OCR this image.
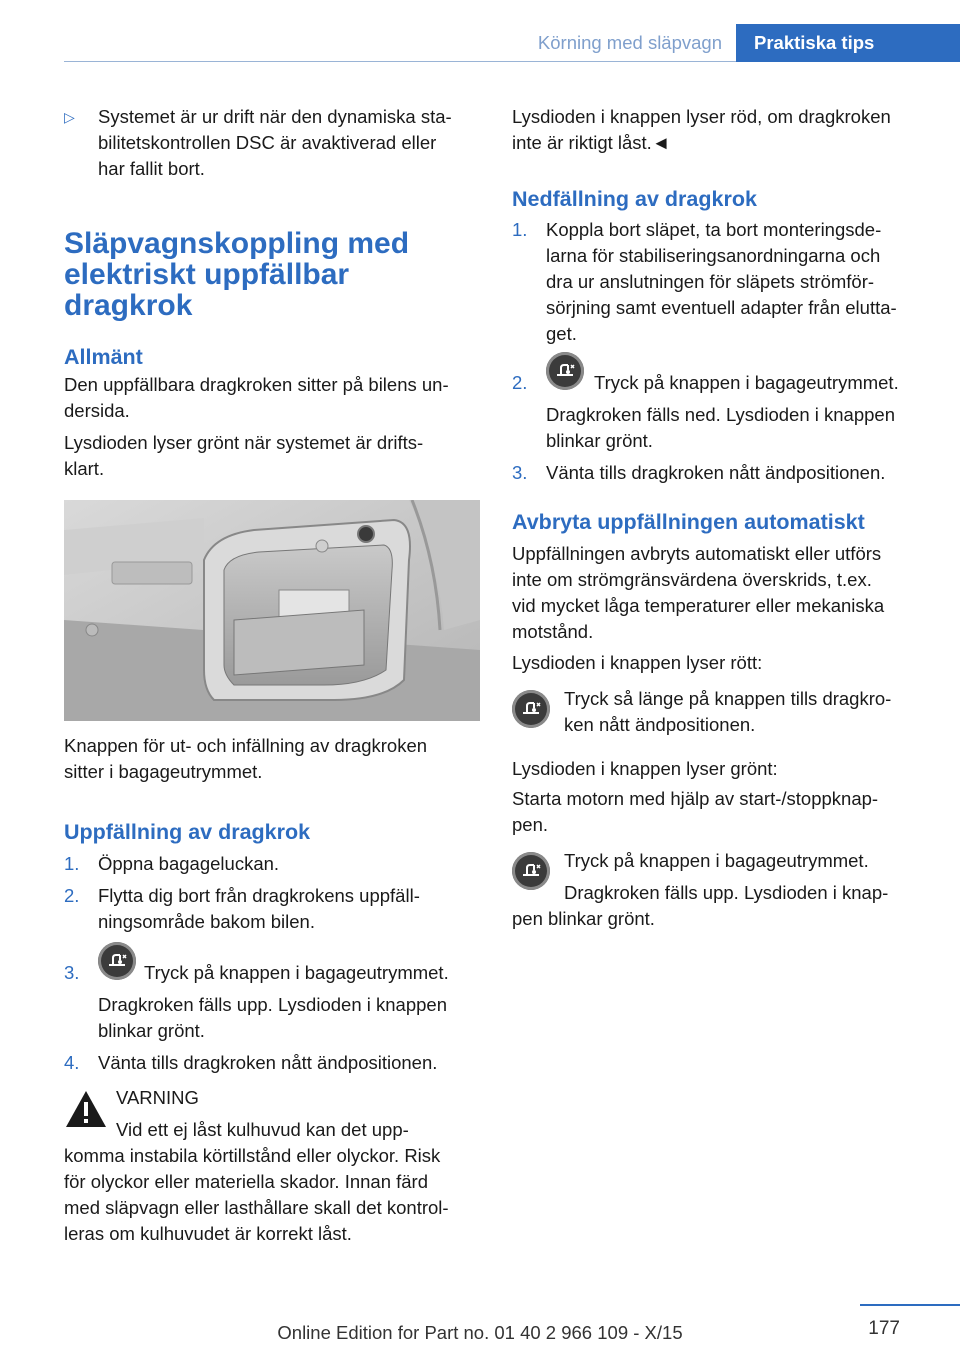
Körning med släpvagn	Praktiska tips
▷ Systemet är ur drift när den dynamiska sta-
bilitetskontrollen DSC är avaktiverad eller
har fallit bort.
Släpvagnskoppling med
elektriskt uppfällbar
dragkrok
Allmänt
Den uppfällbara dragkroken sitter på bilens un-
dersida.
Lysdioden lyser grönt när systemet är drifts-
klart.
Knappen för ut- och infällning av dragkroken
sitter i bagageutrymmet.
Uppfällning av dragkrok
1. Öppna bagageluckan.
2. Flytta dig bort från dragkrokens uppfäll-
ningsområde bakom bilen.
3.	Tryck på knappen i bagageutrymmet.
Dragkroken fälls upp. Lysdioden i knappen
blinkar grönt.
4. Vänta tills dragkroken nått ändpositionen.
VARNING
Vid ett ej låst kulhuvud kan det upp-
komma instabila körtillstånd eller olyckor. Risk
för olyckor eller materiella skador. Innan färd
med släpvagn eller lasthållare skall det kontrol-
leras om kulhuvudet är korrekt låst.
Lysdioden i knappen lyser röd, om dragkroken
inte är riktigt låst.◄
Nedfällning av dragkrok
1. Koppla bort släpet, ta bort monteringsde-
larna för stabiliseringsanordningarna och
dra ur anslutningen för släpets strömför-
sörjning samt eventuell adapter från elutta-
get.
2.	Tryck på knappen i bagageutrymmet.
Dragkroken fälls ned. Lysdioden i knappen
blinkar grönt.
3. Vänta tills dragkroken nått ändpositionen.
Avbryta uppfällningen automatiskt
Uppfällningen avbryts automatiskt eller utförs
inte om strömgränsvärdena överskrids, t.ex.
vid mycket låga temperaturer eller mekaniska
motstånd.
Lysdioden i knappen lyser rött:
Tryck så länge på knappen tills dragkro-
ken nått ändpositionen.
Lysdioden i knappen lyser grönt:
Starta motorn med hjälp av start-/stoppknap-
pen.
Tryck på knappen i bagageutrymmet.
Dragkroken fälls upp. Lysdioden i knap-
pen blinkar grönt.
177
Online Edition for Part no. 01 40 2 966 109 - X/15
